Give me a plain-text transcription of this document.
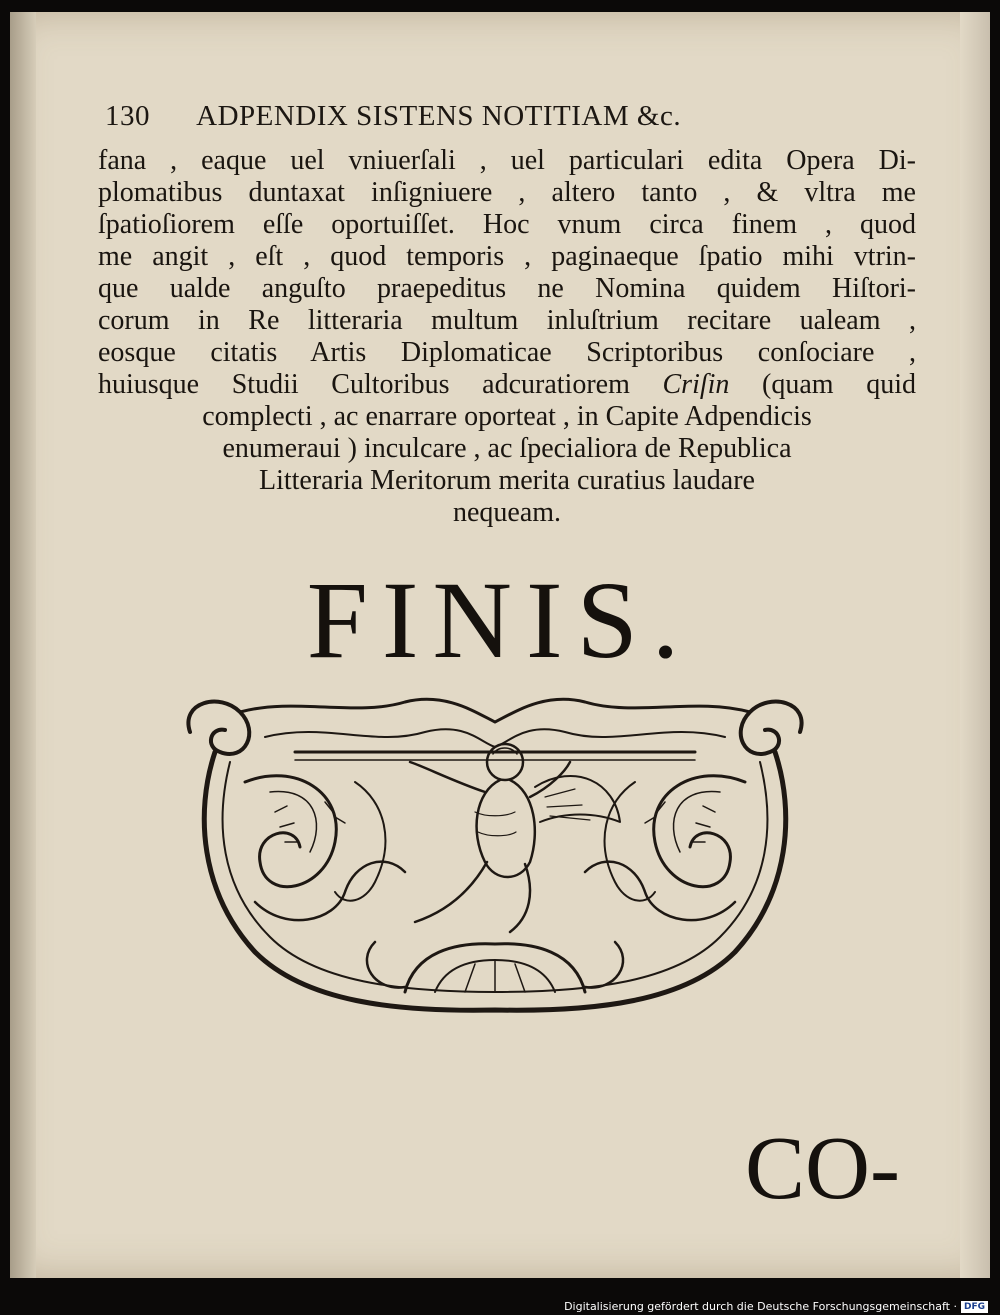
130 ADPENDIX SISTENS NOTITIAM &c.
fana , eaque uel vniuerſali , uel particulari edita Opera Di-
plomatibus duntaxat inſigniuere , altero tanto , & vltra me
ſpatioſiorem eſſe oportuiſſet. Hoc vnum circa finem , quod
me angit , eſt , quod temporis , paginaeque ſpatio mihi vtrin-
que ualde anguſto praepeditus ne Nomina quidem Hiſtori-
corum in Re litteraria multum inluſtrium recitare ualeam ,
eosque citatis Artis Diplomaticae Scriptoribus conſociare ,
huiusque Studii Cultoribus adcuratiorem Criſin (quam quid
complecti , ac enarrare oporteat , in Capite Adpendicis
enumeraui ) inculcare , ac ſpecialiora de Republica
Litteraria Meritorum merita curatius laudare
nequeam.
FINIS.
CO-
Digitalisierung gefördert durch die Deutsche Forschungsgemeinschaft · DFG
